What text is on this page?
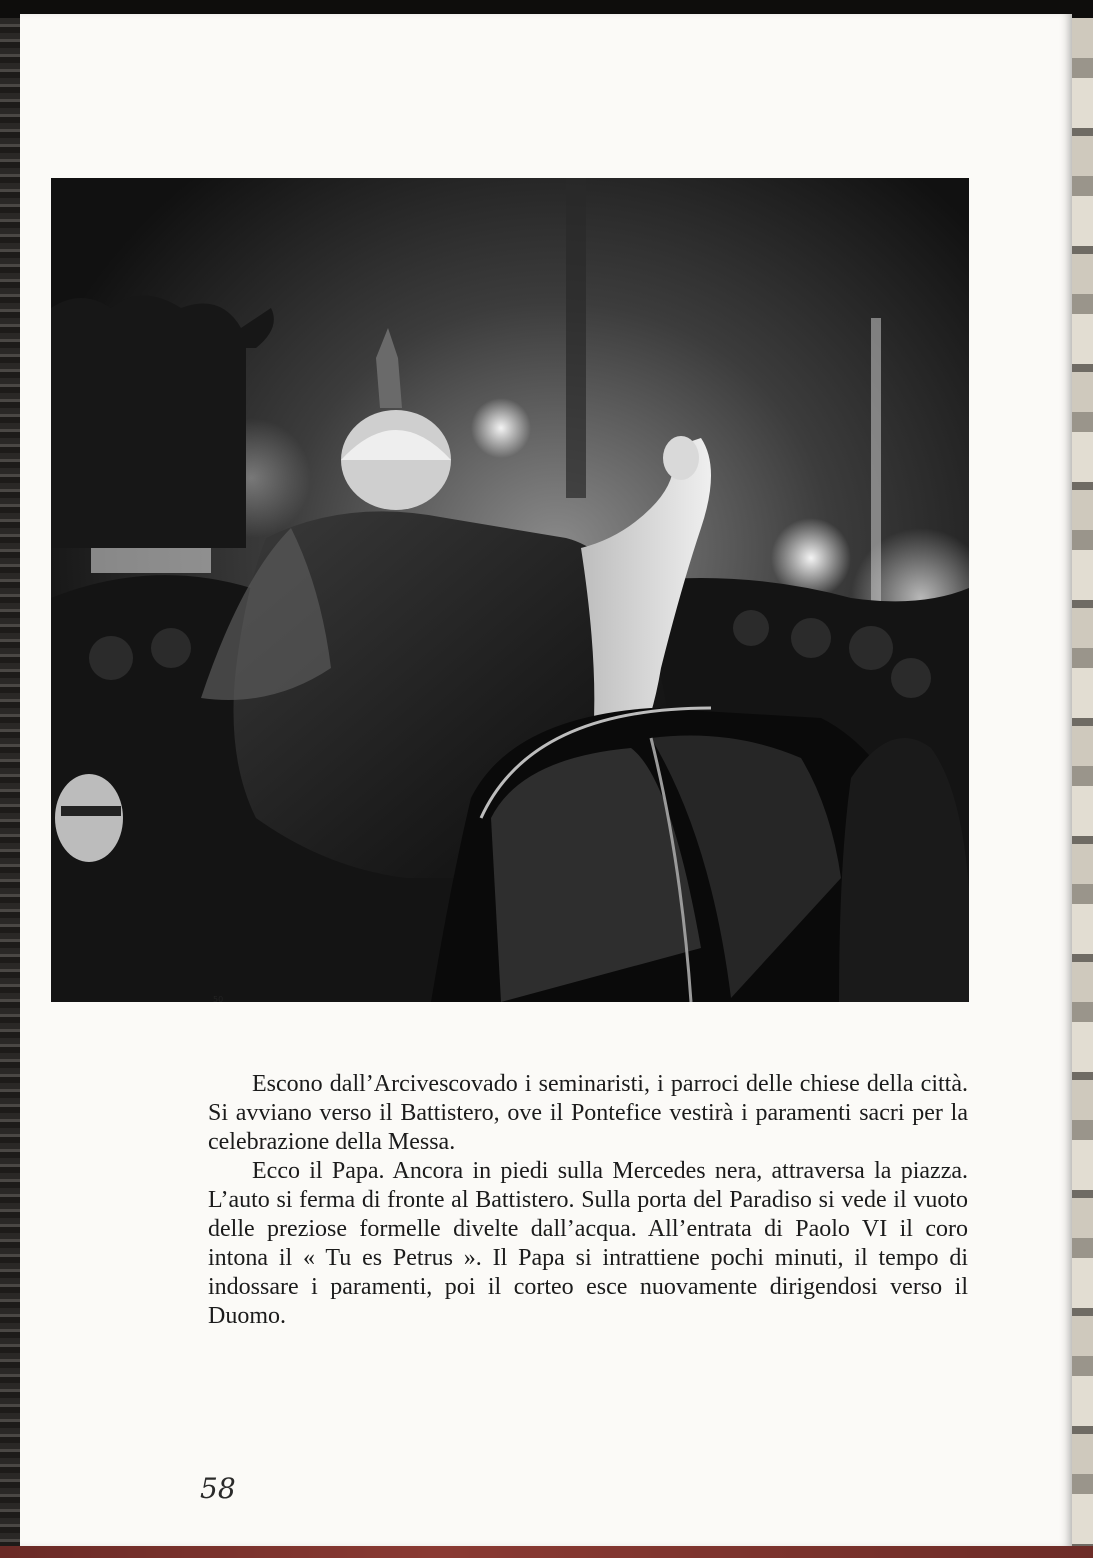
50

Escono dall’Arcivescovado i seminaristi, i parroci delle chiese della città. Si avviano verso il Battistero, ove il Pontefice vestirà i paramenti sacri per la celebrazione della Messa.

Ecco il Papa. Ancora in piedi sulla Mercedes nera, attraversa la piazza. L’auto si ferma di fronte al Battistero. Sulla porta del Paradiso si vede il vuoto delle preziose formelle divelte dall’acqua. All’entrata di Paolo VI il coro intona il « Tu es Petrus ». Il Papa si intrattiene pochi minuti, il tempo di indossare i paramenti, poi il corteo esce nuovamente dirigendosi verso il Duomo.

58
